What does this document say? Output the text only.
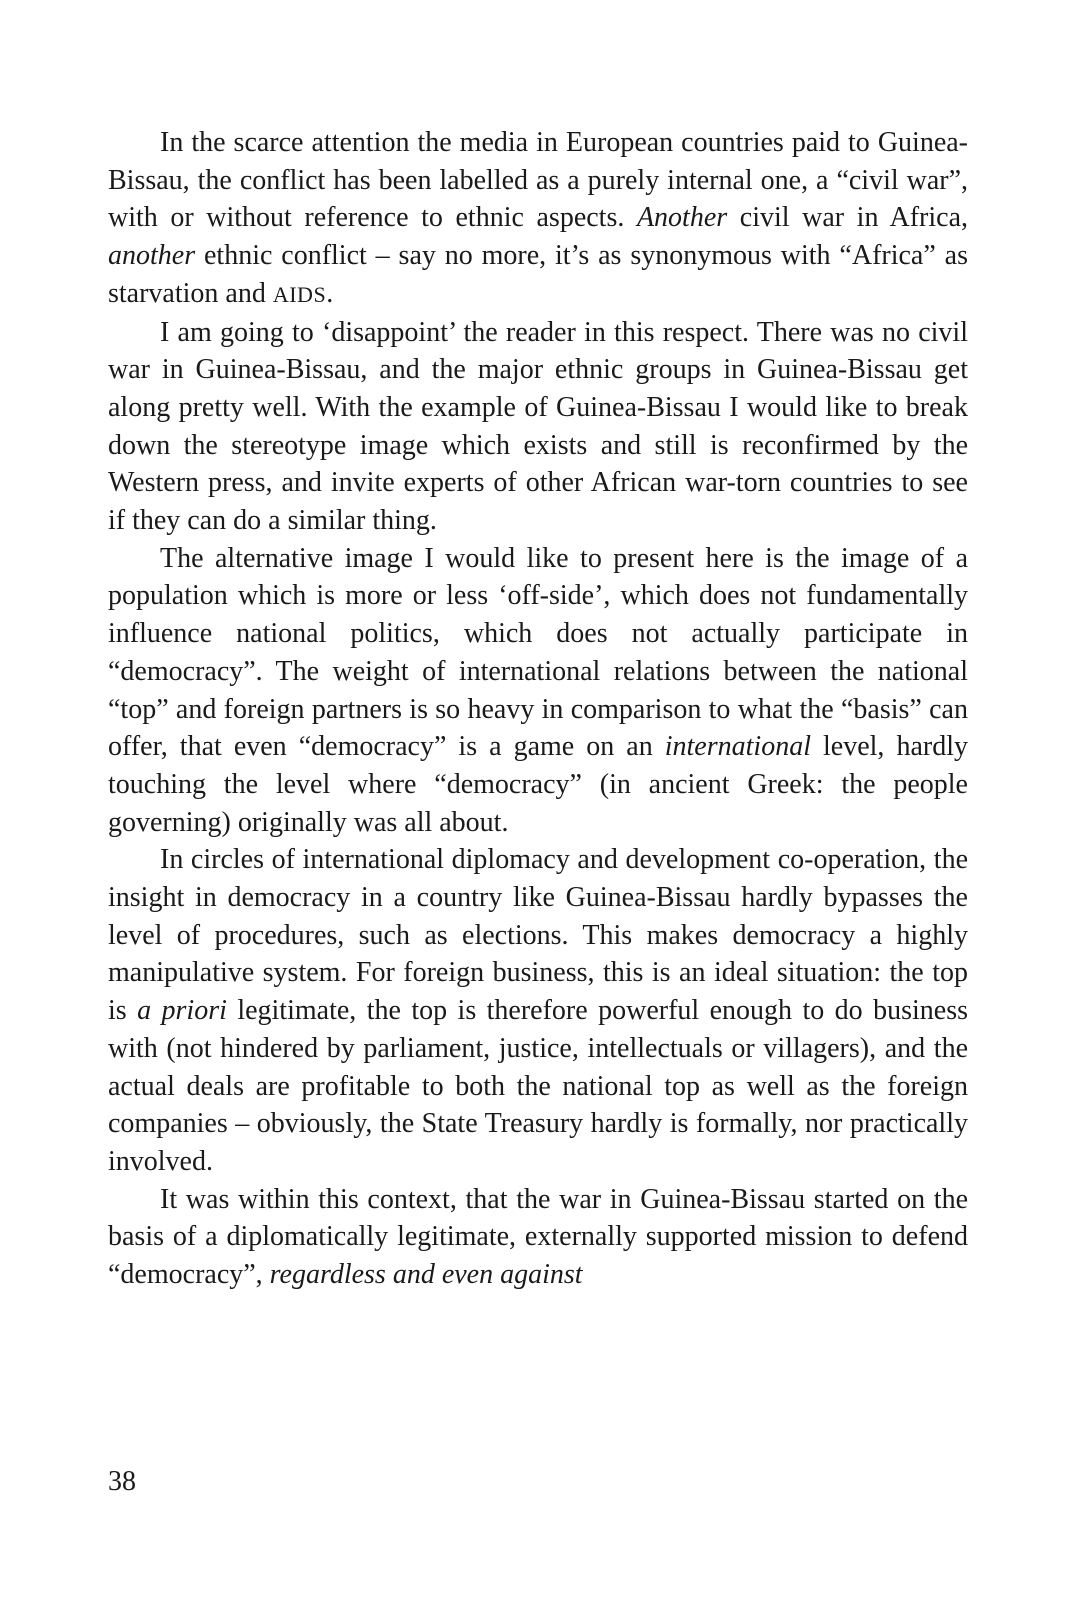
In the scarce attention the media in European countries paid to Guinea-Bissau, the conflict has been labelled as a purely internal one, a “civil war”, with or without reference to ethnic aspects. Another civil war in Africa, another ethnic conflict – say no more, it’s as synonymous with “Africa” as starvation and AIDS.

I am going to ‘disappoint’ the reader in this respect. There was no civil war in Guinea-Bissau, and the major ethnic groups in Guinea-Bissau get along pretty well. With the example of Guinea-Bissau I would like to break down the stereotype image which exists and still is reconfirmed by the Western press, and invite experts of other African war-torn countries to see if they can do a similar thing.

The alternative image I would like to present here is the image of a population which is more or less ‘off-side’, which does not fundamentally influence national politics, which does not actually participate in “democracy”. The weight of international relations between the national “top” and foreign partners is so heavy in comparison to what the “basis” can offer, that even “democracy” is a game on an international level, hardly touching the level where “democracy” (in ancient Greek: the people governing) originally was all about.

In circles of international diplomacy and development co-operation, the insight in democracy in a country like Guinea-Bissau hardly bypasses the level of procedures, such as elections. This makes democracy a highly manipulative system. For foreign business, this is an ideal situation: the top is a priori legitimate, the top is therefore powerful enough to do business with (not hindered by parliament, justice, intellectuals or villagers), and the actual deals are profitable to both the national top as well as the foreign companies – obviously, the State Treasury hardly is formally, nor practically involved.

It was within this context, that the war in Guinea-Bissau started on the basis of a diplomatically legitimate, externally supported mission to defend “democracy”, regardless and even against

38
